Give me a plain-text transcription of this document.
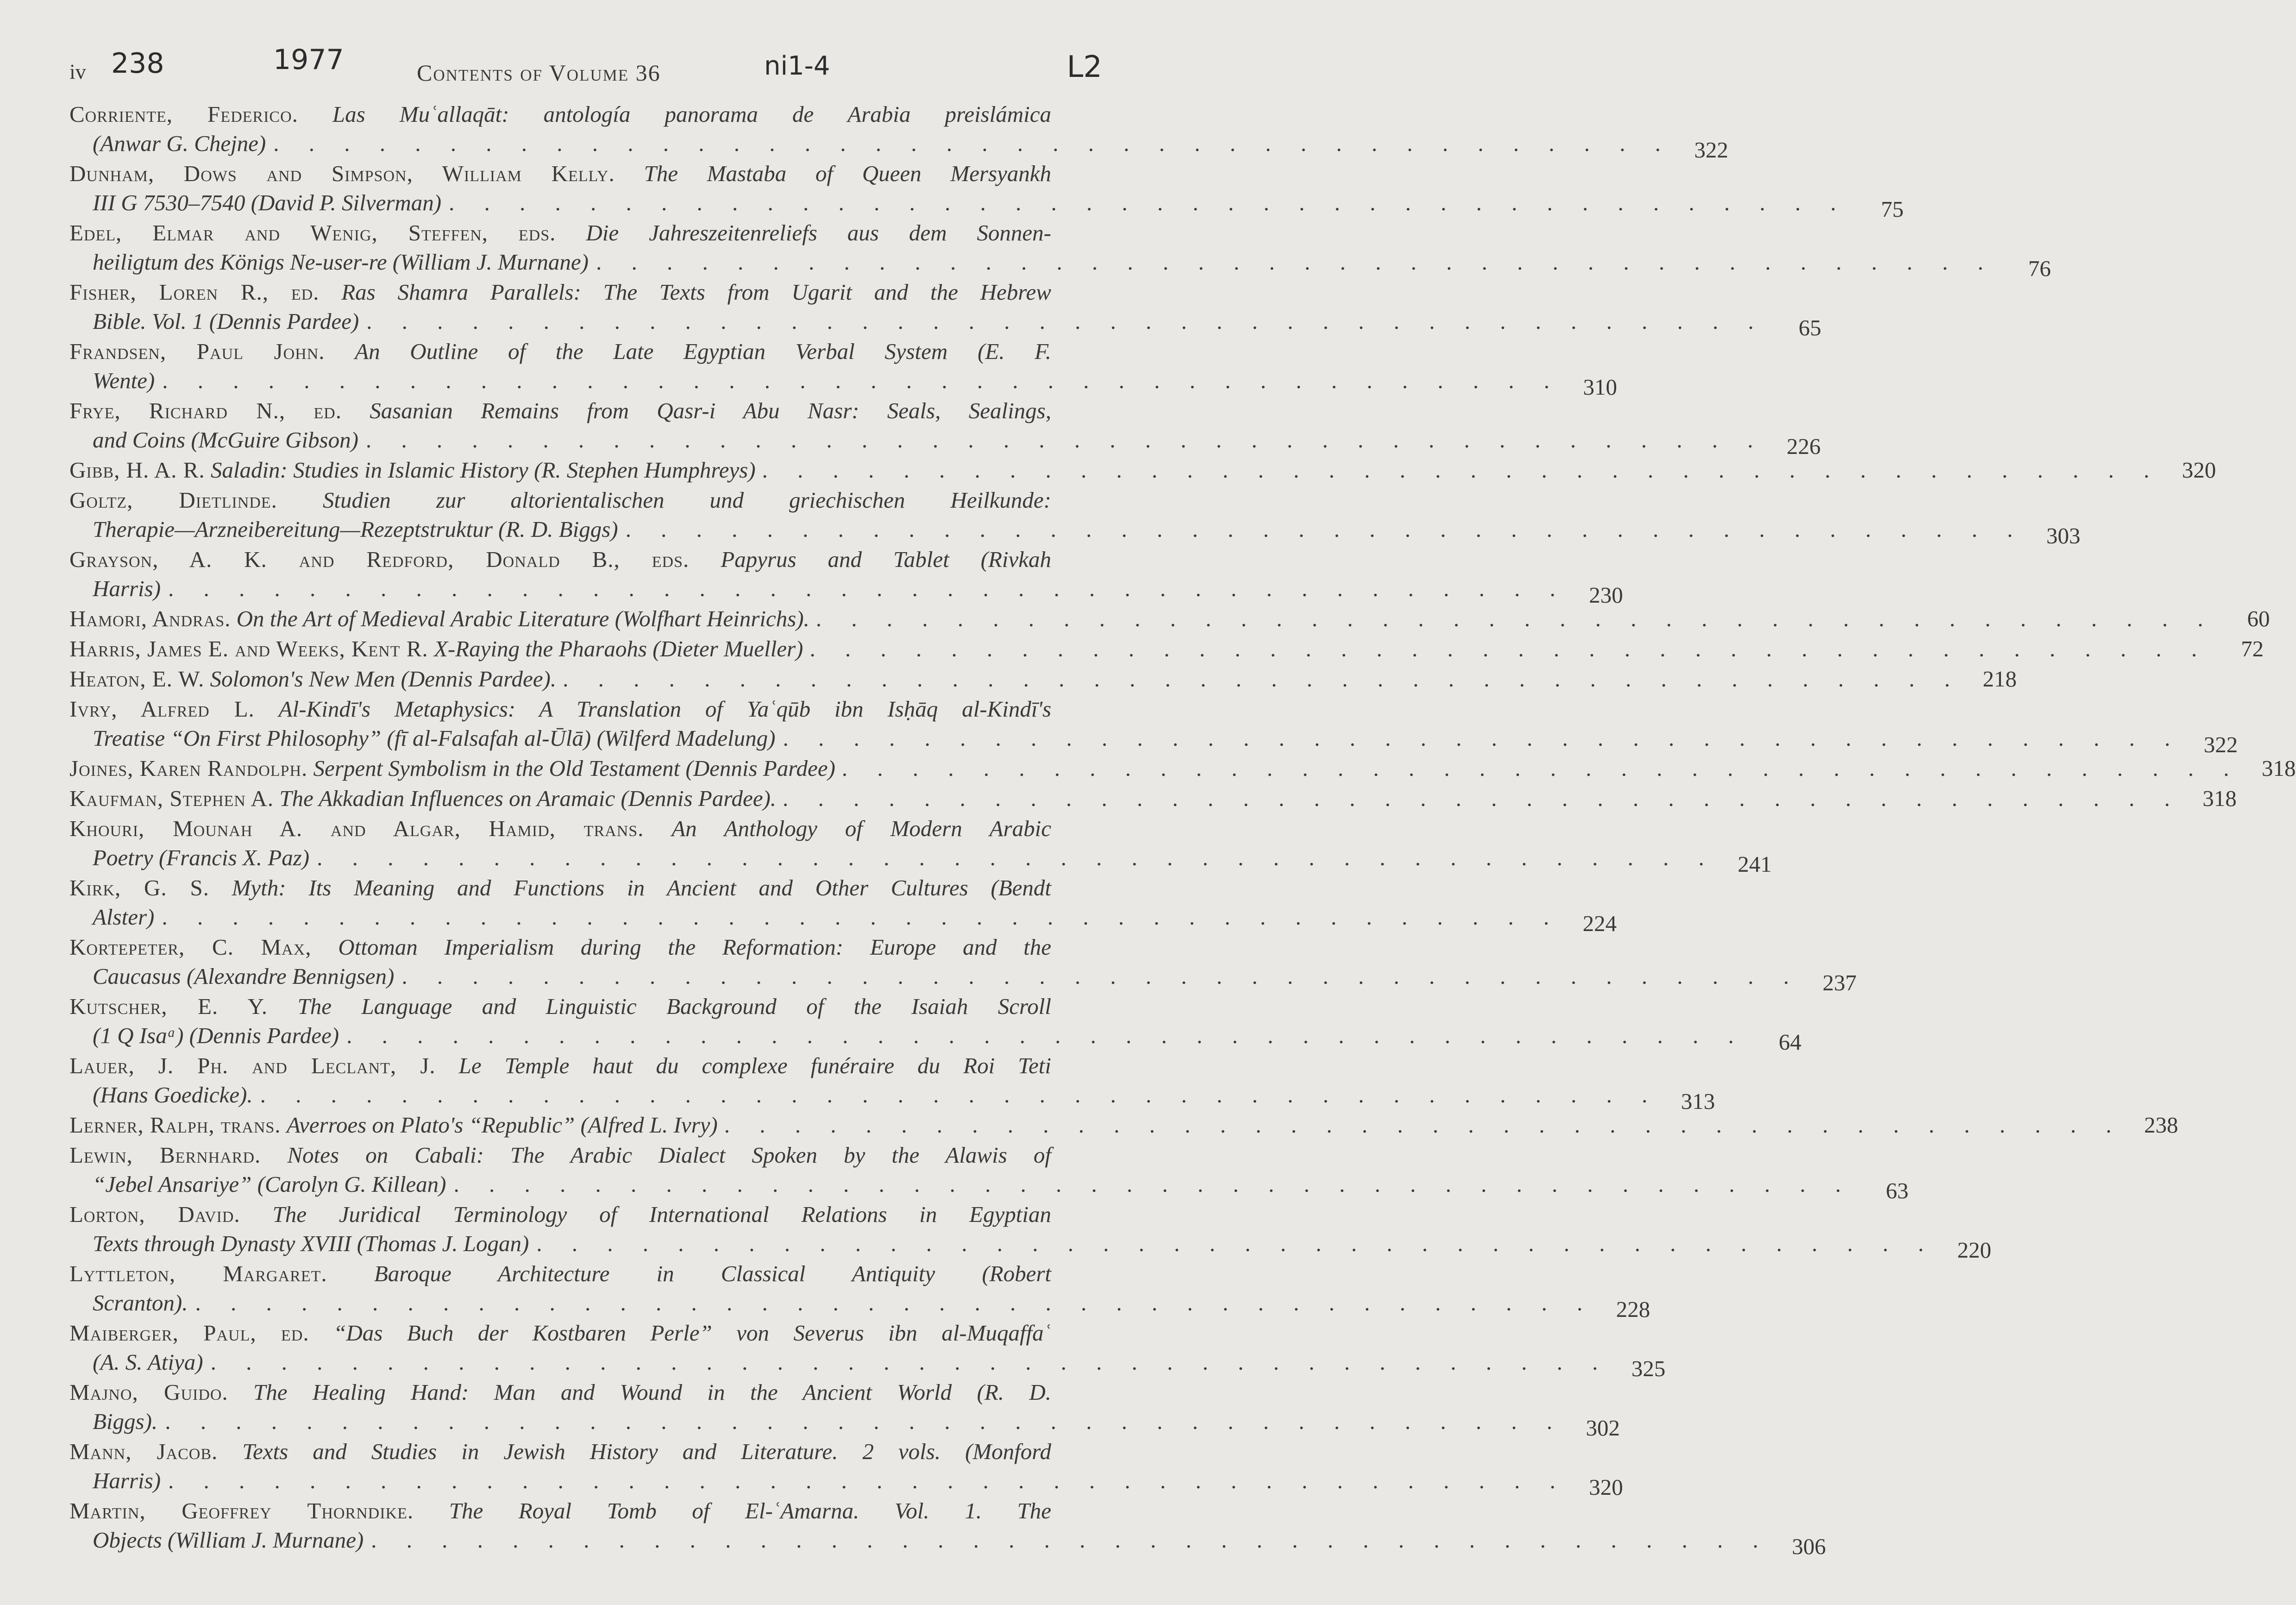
iv 238	1977	Contents of Volume 36	ni1-4	L2
Corriente, Federico. Las Muʿallaqāt: antología panorama de Arabia preislámica
(Anwar G. Chejne) . . . . . . . . . . . . . . . . . . . . . . . . . . . . . . . . . . . . . . . . 322
Dunham, Dows and Simpson, William Kelly. The Mastaba of Queen Mersyankh
III G 7530–7540 (David P. Silverman) . . . . . . . . . . . . . . . . . . . . . . . . . . . . . . . . . . . . . . . .	75
Edel, Elmar and Wenig, Steffen, eds. Die Jahreszeitenreliefs aus dem Sonnen-
heiligtum des Königs Ne-user-re (William J. Murnane) . . . . . . . . . . . . . . . . . . . . . . . . . . . . . . . . . . . . . . . .	76
Fisher, Loren R., ed. Ras Shamra Parallels: The Texts from Ugarit and the Hebrew
Bible. Vol. 1 (Dennis Pardee) . . . . . . . . . . . . . . . . . . . . . . . . . . . . . . . . . . . . . . . .	65
Frandsen, Paul John. An Outline of the Late Egyptian Verbal System (E. F.
Wente) . . . . . . . . . . . . . . . . . . . . . . . . . . . . . . . . . . . . . . . . 310
Frye, Richard N., ed. Sasanian Remains from Qasr-i Abu Nasr: Seals, Sealings,
and Coins (McGuire Gibson) . . . . . . . . . . . . . . . . . . . . . . . . . . . . . . . . . . . . . . . . 226
Gibb, H. A. R. Saladin: Studies in Islamic History (R. Stephen Humphreys) . . . . . . . . . . . . . . . . . . . . . . . . . . . . . . . . . . . . . . . . 320
Goltz, Dietlinde. Studien zur altorientalischen und griechischen Heilkunde:
Therapie—Arzneibereitung—Rezeptstruktur (R. D. Biggs) . . . . . . . . . . . . . . . . . . . . . . . . . . . . . . . . . . . . . . . . 303
Grayson, A. K. and Redford, Donald B., eds. Papyrus and Tablet (Rivkah
Harris) . . . . . . . . . . . . . . . . . . . . . . . . . . . . . . . . . . . . . . . . 230
Hamori, Andras. On the Art of Medieval Arabic Literature (Wolfhart Heinrichs). . . . . . . . . . . . . . . . . . . . . . . . . . . . . . . . . . . . . . . . .	60
Harris, James E. and Weeks, Kent R. X-Raying the Pharaohs (Dieter Mueller) . . . . . . . . . . . . . . . . . . . . . . . . . . . . . . . . . . . . . . . .	72
Heaton, E. W. Solomon's New Men (Dennis Pardee). . . . . . . . . . . . . . . . . . . . . . . . . . . . . . . . . . . . . . . . . 218
Ivry, Alfred L. Al-Kindī's Metaphysics: A Translation of Yaʿqūb ibn Isḥāq al-Kindī's
Treatise “On First Philosophy” (fī al-Falsafah al-Ūlā) (Wilferd Madelung) . . . . . . . . . . . . . . . . . . . . . . . . . . . . . . . . . . . . . . . . 322
Joines, Karen Randolph. Serpent Symbolism in the Old Testament (Dennis Pardee) . . . . . . . . . . . . . . . . . . . . . . . . . . . . . . . . . . . . . . . . 318
Kaufman, Stephen A. The Akkadian Influences on Aramaic (Dennis Pardee). . . . . . . . . . . . . . . . . . . . . . . . . . . . . . . . . . . . . . . . . 318
Khouri, Mounah A. and Algar, Hamid, trans. An Anthology of Modern Arabic
Poetry (Francis X. Paz) . . . . . . . . . . . . . . . . . . . . . . . . . . . . . . . . . . . . . . . . 241
Kirk, G. S. Myth: Its Meaning and Functions in Ancient and Other Cultures (Bendt
Alster) . . . . . . . . . . . . . . . . . . . . . . . . . . . . . . . . . . . . . . . . 224
Kortepeter, C. Max, Ottoman Imperialism during the Reformation: Europe and the
Caucasus (Alexandre Bennigsen) . . . . . . . . . . . . . . . . . . . . . . . . . . . . . . . . . . . . . . . . 237
Kutscher, E. Y. The Language and Linguistic Background of the Isaiah Scroll
(1 Q Isaᵃ) (Dennis Pardee) . . . . . . . . . . . . . . . . . . . . . . . . . . . . . . . . . . . . . . . .	64
Lauer, J. Ph. and Leclant, J. Le Temple haut du complexe funéraire du Roi Teti
(Hans Goedicke). . . . . . . . . . . . . . . . . . . . . . . . . . . . . . . . . . . . . . . . . 313
Lerner, Ralph, trans. Averroes on Plato's “Republic” (Alfred L. Ivry) . . . . . . . . . . . . . . . . . . . . . . . . . . . . . . . . . . . . . . . . 238
Lewin, Bernhard. Notes on Cabali: The Arabic Dialect Spoken by the Alawis of
“Jebel Ansariye” (Carolyn G. Killean) . . . . . . . . . . . . . . . . . . . . . . . . . . . . . . . . . . . . . . . .	63
Lorton, David. The Juridical Terminology of International Relations in Egyptian
Texts through Dynasty XVIII (Thomas J. Logan) . . . . . . . . . . . . . . . . . . . . . . . . . . . . . . . . . . . . . . . . 220
Lyttleton, Margaret. Baroque Architecture in Classical Antiquity (Robert
Scranton). . . . . . . . . . . . . . . . . . . . . . . . . . . . . . . . . . . . . . . . . 228
Maiberger, Paul, ed. “Das Buch der Kostbaren Perle” von Severus ibn al-Muqaffaʿ
(A. S. Atiya) . . . . . . . . . . . . . . . . . . . . . . . . . . . . . . . . . . . . . . . . 325
Majno, Guido. The Healing Hand: Man and Wound in the Ancient World (R. D.
Biggs). . . . . . . . . . . . . . . . . . . . . . . . . . . . . . . . . . . . . . . . . 302
Mann, Jacob. Texts and Studies in Jewish History and Literature. 2 vols. (Monford
Harris) . . . . . . . . . . . . . . . . . . . . . . . . . . . . . . . . . . . . . . . . 320
Martin, Geoffrey Thorndike. The Royal Tomb of El-ʿAmarna. Vol. 1. The
Objects (William J. Murnane) . . . . . . . . . . . . . . . . . . . . . . . . . . . . . . . . . . . . . . . . 306
